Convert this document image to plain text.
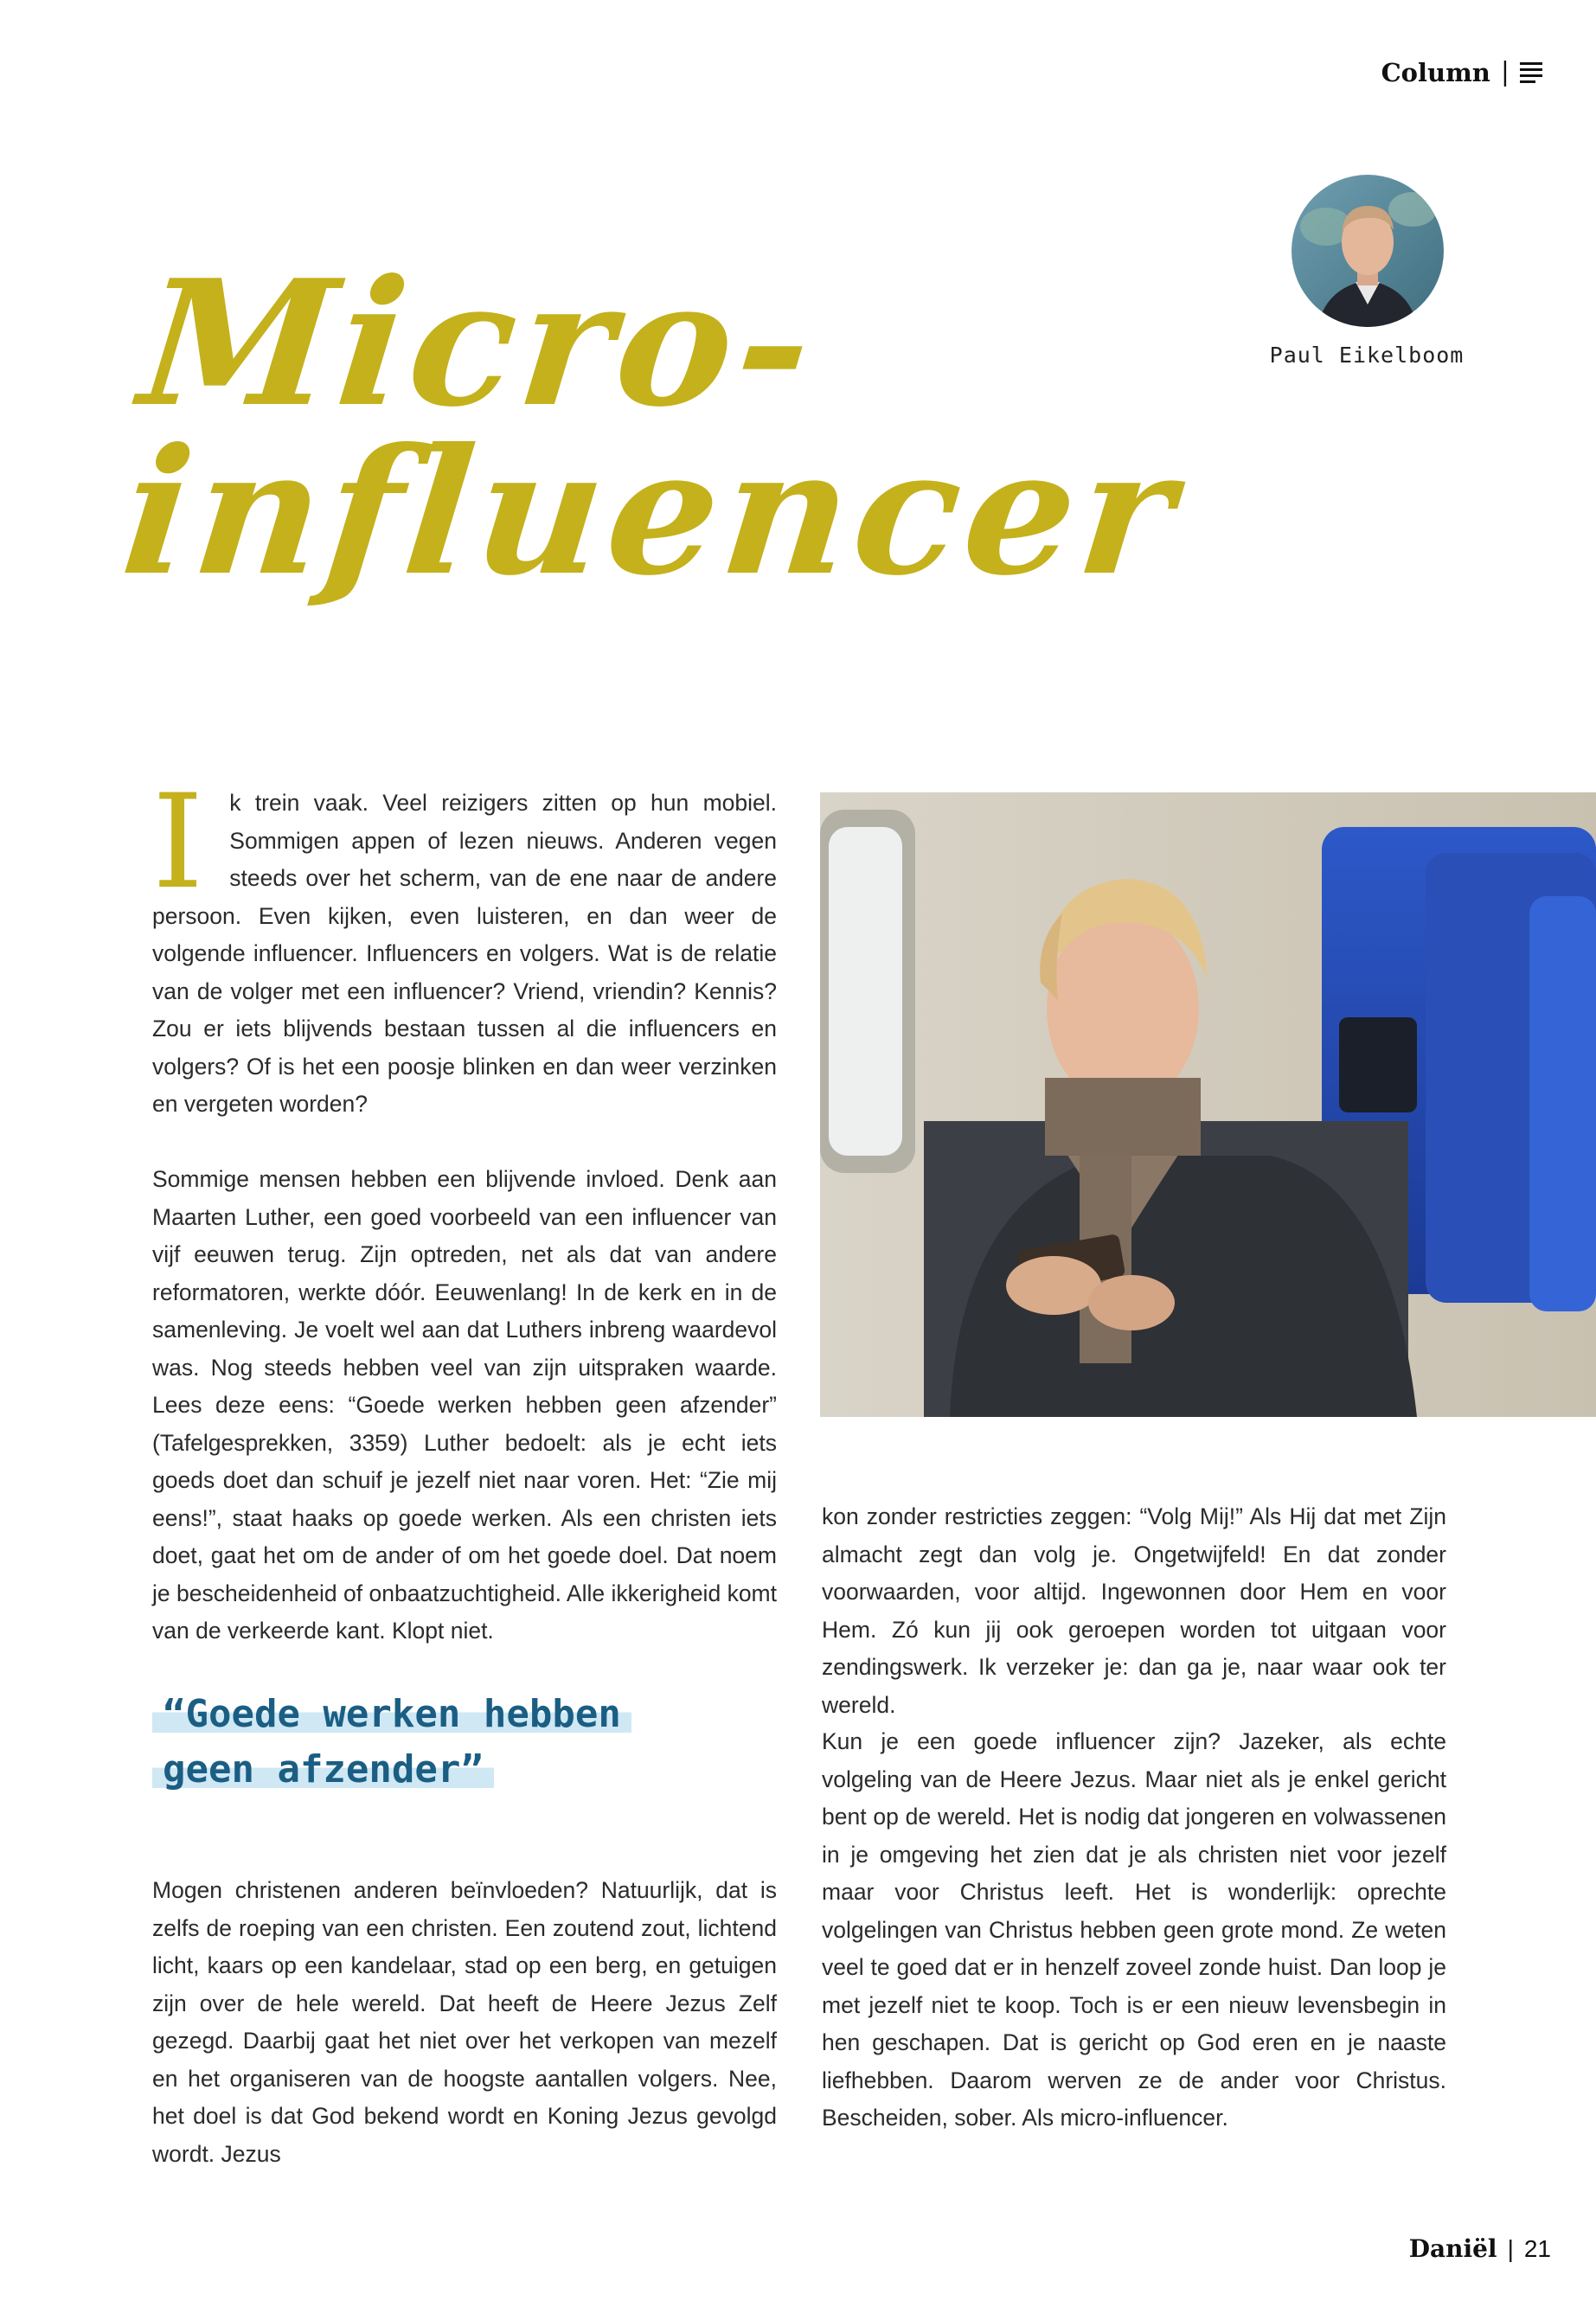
Column |
Paul Eikelboom
Micro-
influencer

I k trein vaak. Veel reizigers zitten op hun mobiel. Sommigen appen of lezen nieuws. Anderen vegen steeds over het scherm, van de ene naar de andere persoon. Even kijken, even luisteren, en dan weer de volgende influencer. Influencers en volgers. Wat is de relatie van de volger met een influencer? Vriend, vriendin? Kennis? Zou er iets blijvends bestaan tussen al die influencers en volgers? Of is het een poosje blinken en dan weer verzinken en vergeten worden?

Sommige mensen hebben een blijvende invloed. Denk aan Maarten Luther, een goed voorbeeld van een influencer van vijf eeuwen terug. Zijn optreden, net als dat van andere reformatoren, werkte dóór. Eeuwenlang! In de kerk en in de samenleving. Je voelt wel aan dat Luthers inbreng waardevol was. Nog steeds hebben veel van zijn uitspraken waarde. Lees deze eens: “Goede werken hebben geen afzender” (Tafelgesprekken, 3359) Luther bedoelt: als je echt iets goeds doet dan schuif je jezelf niet naar voren. Het: “Zie mij eens!”, staat haaks op goede werken. Als een christen iets doet, gaat het om de ander of om het goede doel. Dat noem je bescheidenheid of onbaatzuchtigheid. Alle ikkerigheid komt van de verkeerde kant. Klopt niet.

“Goede werken hebben geen afzender”

Mogen christenen anderen beïnvloeden? Natuurlijk, dat is zelfs de roeping van een christen. Een zoutend zout, lichtend licht, kaars op een kandelaar, stad op een berg, en getuigen zijn over de hele wereld. Dat heeft de Heere Jezus Zelf gezegd. Daarbij gaat het niet over het verkopen van mezelf en het organiseren van de hoogste aantallen volgers. Nee, het doel is dat God bekend wordt en Koning Jezus gevolgd wordt. Jezus

kon zonder restricties zeggen: “Volg Mij!” Als Hij dat met Zijn almacht zegt dan volg je. Ongetwijfeld! En dat zonder voorwaarden, voor altijd. Ingewonnen door Hem en voor Hem. Zó kun jij ook geroepen worden tot uitgaan voor zendingswerk. Ik verzeker je: dan ga je, naar waar ook ter wereld.

Kun je een goede influencer zijn? Jazeker, als echte volgeling van de Heere Jezus. Maar niet als je enkel gericht bent op de wereld. Het is nodig dat jongeren en volwassenen in je omgeving het zien dat je als christen niet voor jezelf maar voor Christus leeft. Het is wonderlijk: oprechte volgelingen van Christus hebben geen grote mond. Ze weten veel te goed dat er in henzelf zoveel zonde huist. Dan loop je met jezelf niet te koop. Toch is er een nieuw levensbegin in hen geschapen. Dat is gericht op God eren en je naaste liefhebben. Daarom werven ze de ander voor Christus. Bescheiden, sober. Als micro-influencer.

Daniël | 21
